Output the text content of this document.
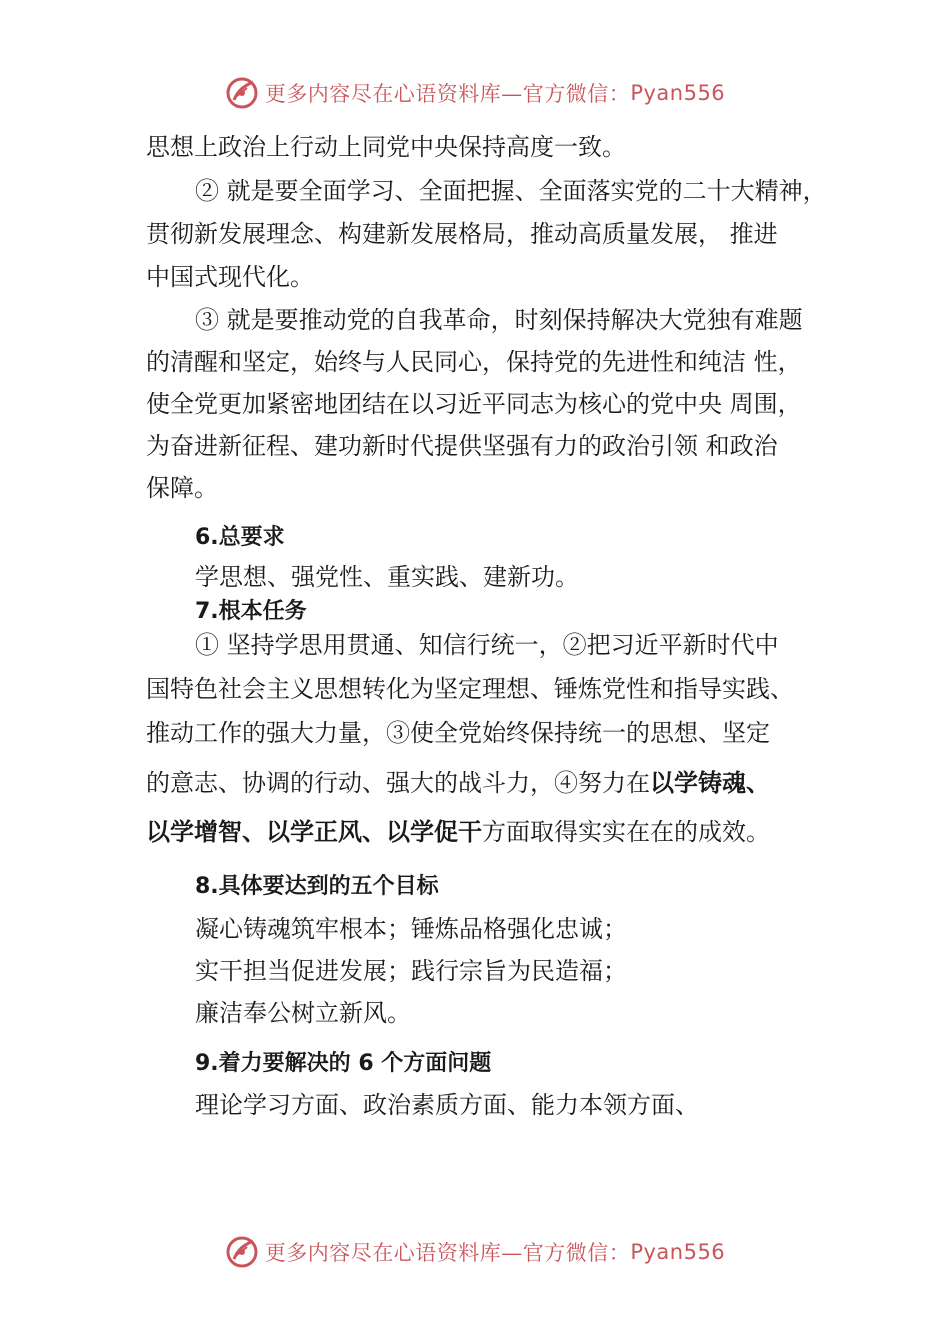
更多内容尽在心语资料库—官方微信： Pyan556
思想上政治上行动上同党中央保持高度一致。
② 就是要全面学习、全面把握、全面落实党的二十大精神，
贯彻新发展理念、构建新发展格局，推动高质量发展， 推进
中国式现代化。
③ 就是要推动党的自我革命，时刻保持解决大党独有难题
的清醒和坚定，始终与人民同心，保持党的先进性和纯洁 性，
使全党更加紧密地团结在以习近平同志为核心的党中央 周围，
为奋进新征程、建功新时代提供坚强有力的政治引领 和政治
保障。
6.总要求
学思想、强党性、重实践、建新功。
7.根本任务
① 坚持学思用贯通、知信行统一，②把习近平新时代中
国特色社会主义思想转化为坚定理想、锤炼党性和指导实践、
推动工作的强大力量，③使全党始终保持统一的思想、坚定
的意志、协调的行动、强大的战斗力，④努力在以学铸魂、
以学增智、以学正风、以学促干方面取得实实在在的成效。
8.具体要达到的五个目标
凝心铸魂筑牢根本；锤炼品格强化忠诚；
实干担当促进发展；践行宗旨为民造福；
廉洁奉公树立新风。
9.着力要解决的 6 个方面问题
理论学习方面、政治素质方面、能力本领方面、
更多内容尽在心语资料库—官方微信： Pyan556
